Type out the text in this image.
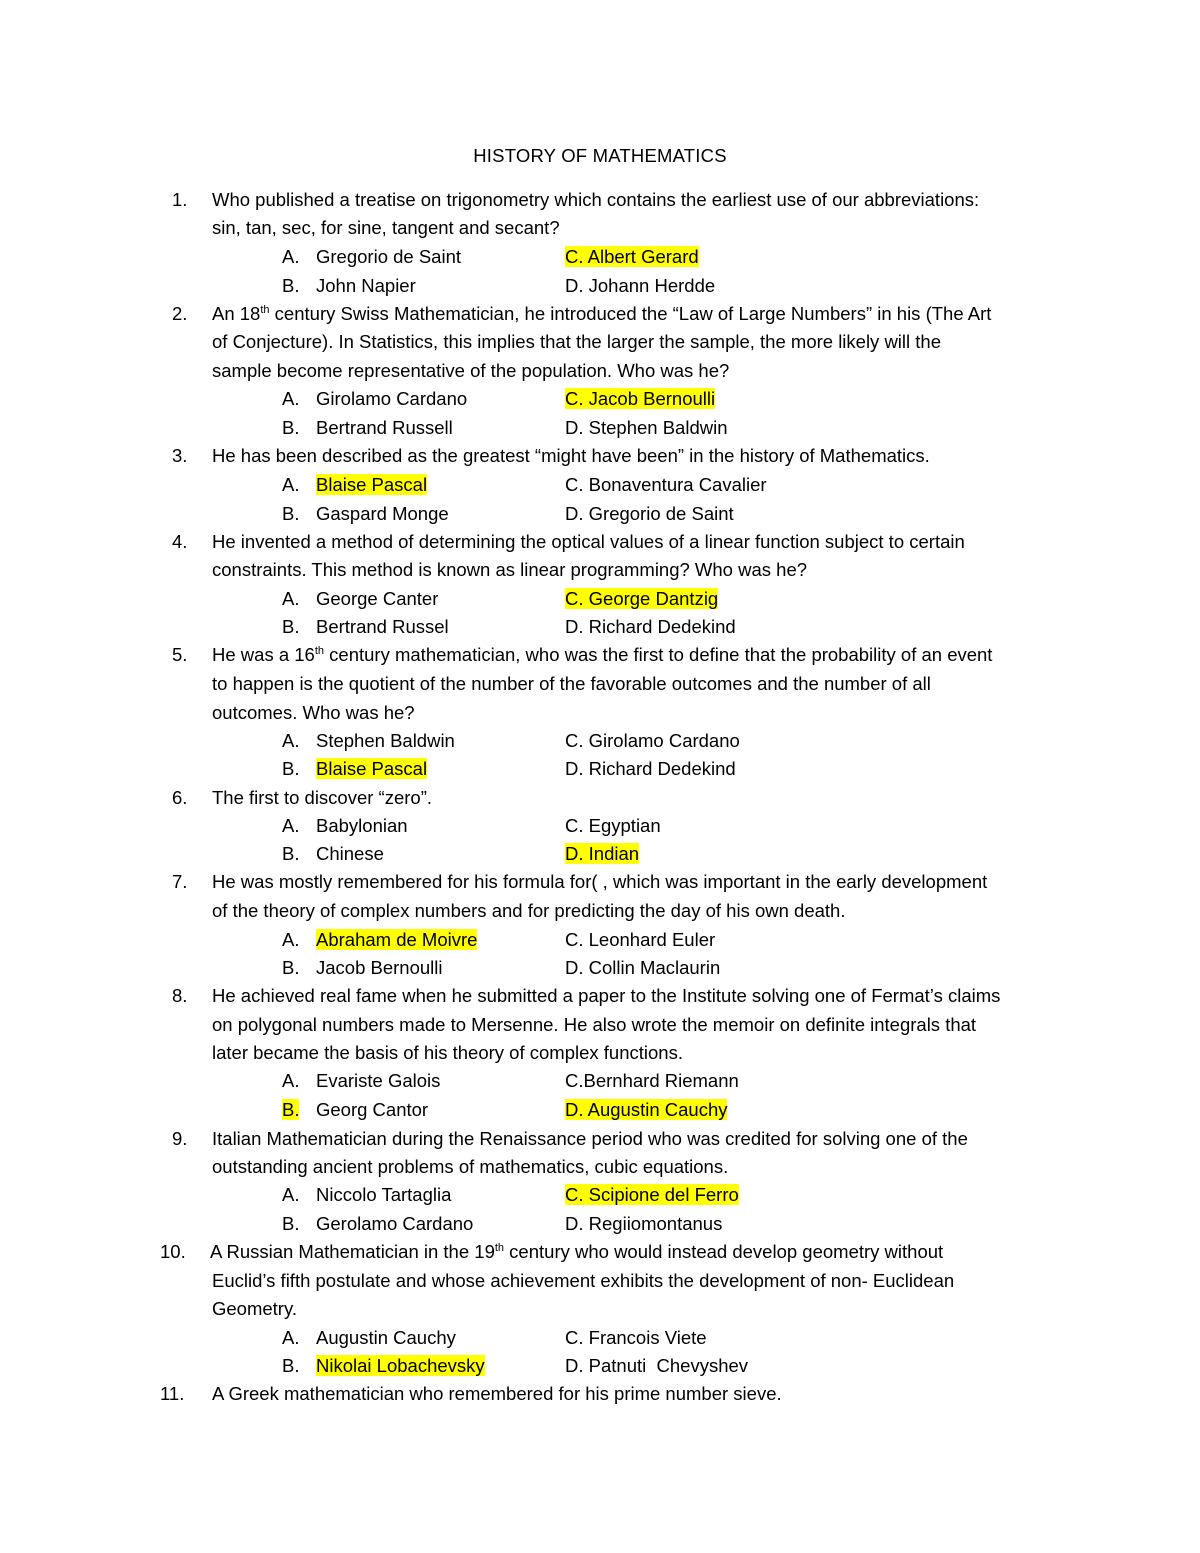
HISTORY OF MATHEMATICS
1. Who published a treatise on trigonometry which contains the earliest use of our abbreviations:
sin, tan, sec, for sine, tangent and secant?
A. Gregorio de Saint	C. Albert Gerard
B. John Napier	D. Johann Herdde
2. An 18th century Swiss Mathematician, he introduced the “Law of Large Numbers” in his (The Art
of Conjecture). In Statistics, this implies that the larger the sample, the more likely will the
sample become representative of the population. Who was he?
A. Girolamo Cardano	C. Jacob Bernoulli
B. Bertrand Russell	D. Stephen Baldwin
3. He has been described as the greatest “might have been” in the history of Mathematics.
A. Blaise Pascal	C. Bonaventura Cavalier
B. Gaspard Monge	D. Gregorio de Saint
4. He invented a method of determining the optical values of a linear function subject to certain
constraints. This method is known as linear programming? Who was he?
A. George Canter	C. George Dantzig
B. Bertrand Russel	D. Richard Dedekind
5. He was a 16th century mathematician, who was the first to define that the probability of an event
to happen is the quotient of the number of the favorable outcomes and the number of all
outcomes. Who was he?
A. Stephen Baldwin	C. Girolamo Cardano
B. Blaise Pascal	D. Richard Dedekind
6. The first to discover “zero”.
A. Babylonian	C. Egyptian
B. Chinese	D. Indian
7. He was mostly remembered for his formula for( , which was important in the early development
of the theory of complex numbers and for predicting the day of his own death.
A. Abraham de Moivre	C. Leonhard Euler
B. Jacob Bernoulli	D. Collin Maclaurin
8. He achieved real fame when he submitted a paper to the Institute solving one of Fermat’s claims
on polygonal numbers made to Mersenne. He also wrote the memoir on definite integrals that
later became the basis of his theory of complex functions.
A. Evariste Galois	C.Bernhard Riemann
B. Georg Cantor	D. Augustin Cauchy
9. Italian Mathematician during the Renaissance period who was credited for solving one of the
outstanding ancient problems of mathematics, cubic equations.
A. Niccolo Tartaglia	C. Scipione del Ferro
B. Gerolamo Cardano	D. Regiiomontanus
10. A Russian Mathematician in the 19th century who would instead develop geometry without
Euclid’s fifth postulate and whose achievement exhibits the development of non- Euclidean
Geometry.
A. Augustin Cauchy	C. Francois Viete
B. Nikolai Lobachevsky	D. Patnuti  Chevyshev
11. A Greek mathematician who remembered for his prime number sieve.
